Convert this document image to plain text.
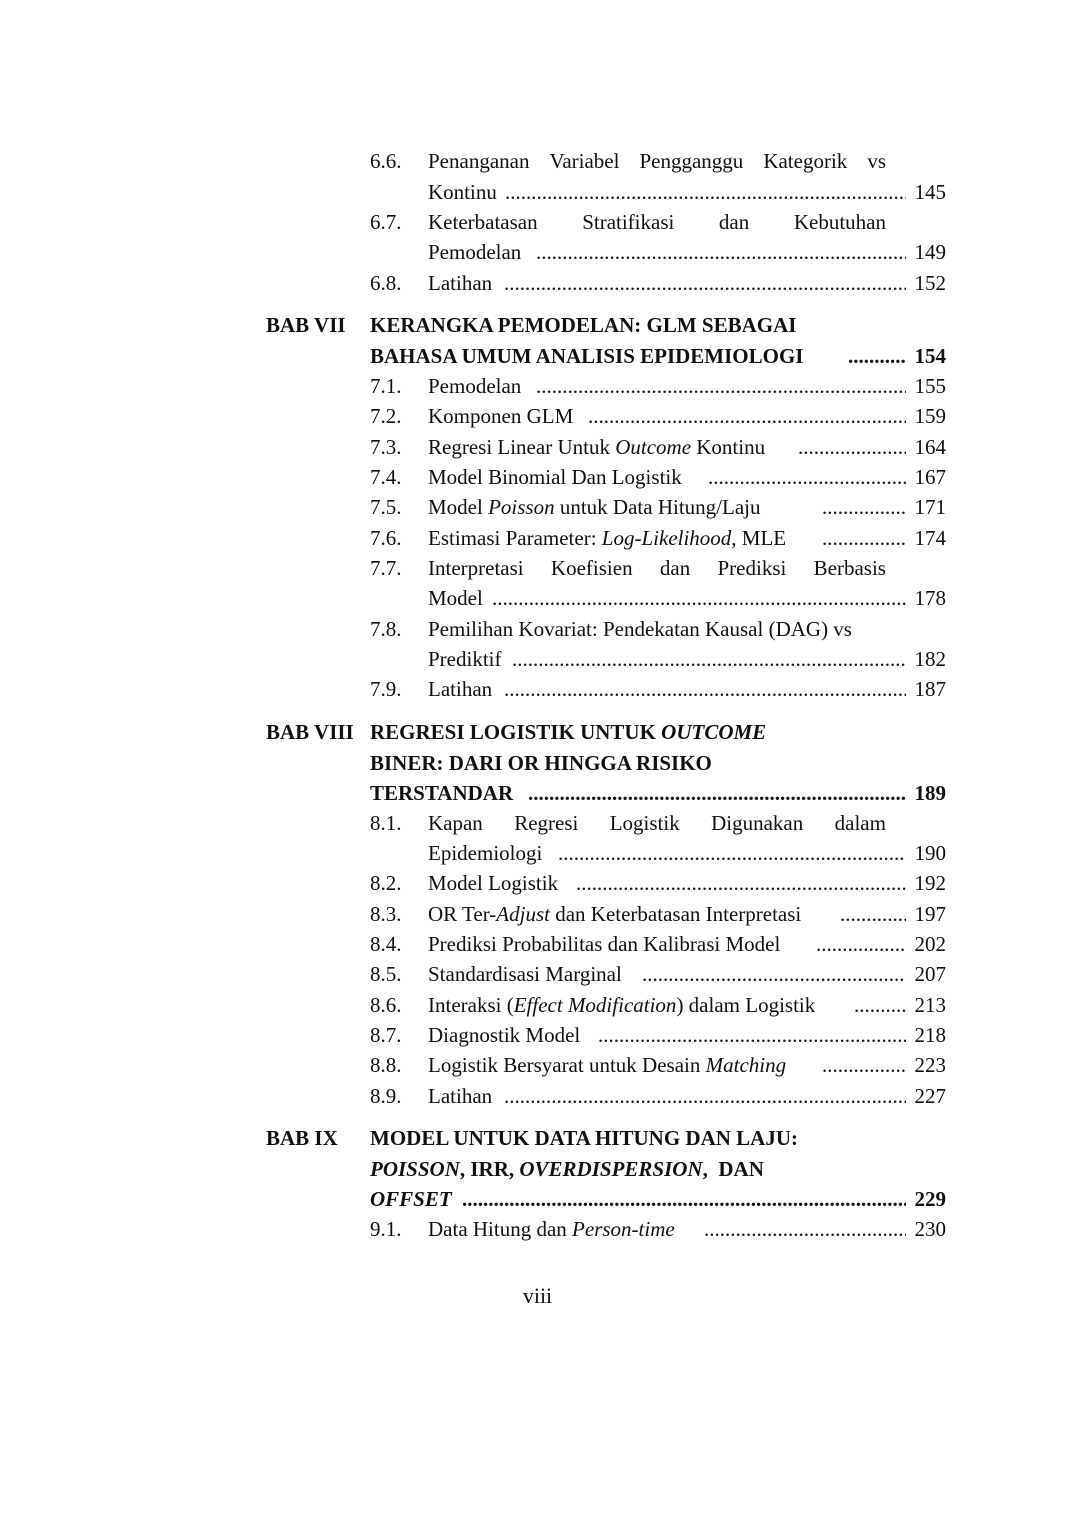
6.6. Penanganan Variabel Pengganggu Kategorik vs
Kontinu .....	145
6.7. Keterbatasan Stratifikasi dan Kebutuhan
Pemodelan .....	149
6.8. Latihan .....	152
BAB VII KERANGKA PEMODELAN: GLM SEBAGAI
BAHASA UMUM ANALISIS EPIDEMIOLOGI .....	154
7.1. Pemodelan .....	155
7.2. Komponen GLM .....	159
7.3. Regresi Linear Untuk Outcome Kontinu .....	164
7.4. Model Binomial Dan Logistik .....	167
7.5. Model Poisson untuk Data Hitung/Laju .....	171
7.6. Estimasi Parameter: Log-Likelihood, MLE .....	174
7.7. Interpretasi Koefisien dan Prediksi Berbasis
Model .....	178
7.8. Pemilihan Kovariat: Pendekatan Kausal (DAG) vs
Prediktif .....	182
7.9. Latihan .....	187
BAB VIII REGRESI LOGISTIK UNTUK OUTCOME
BINER: DARI OR HINGGA RISIKO
TERSTANDAR .....	189
8.1. Kapan Regresi Logistik Digunakan dalam
Epidemiologi .....	190
8.2. Model Logistik .....	192
8.3. OR Ter-Adjust dan Keterbatasan Interpretasi .....	197
8.4. Prediksi Probabilitas dan Kalibrasi Model .....	202
8.5. Standardisasi Marginal .....	207
8.6. Interaksi (Effect Modification) dalam Logistik .....	213
8.7. Diagnostik Model .....	218
8.8. Logistik Bersyarat untuk Desain Matching .....	223
8.9. Latihan .....	227
BAB IX MODEL UNTUK DATA HITUNG DAN LAJU:
POISSON, IRR, OVERDISPERSION,  DAN
OFFSET .....	229
9.1. Data Hitung dan Person-time .....	230
viii
